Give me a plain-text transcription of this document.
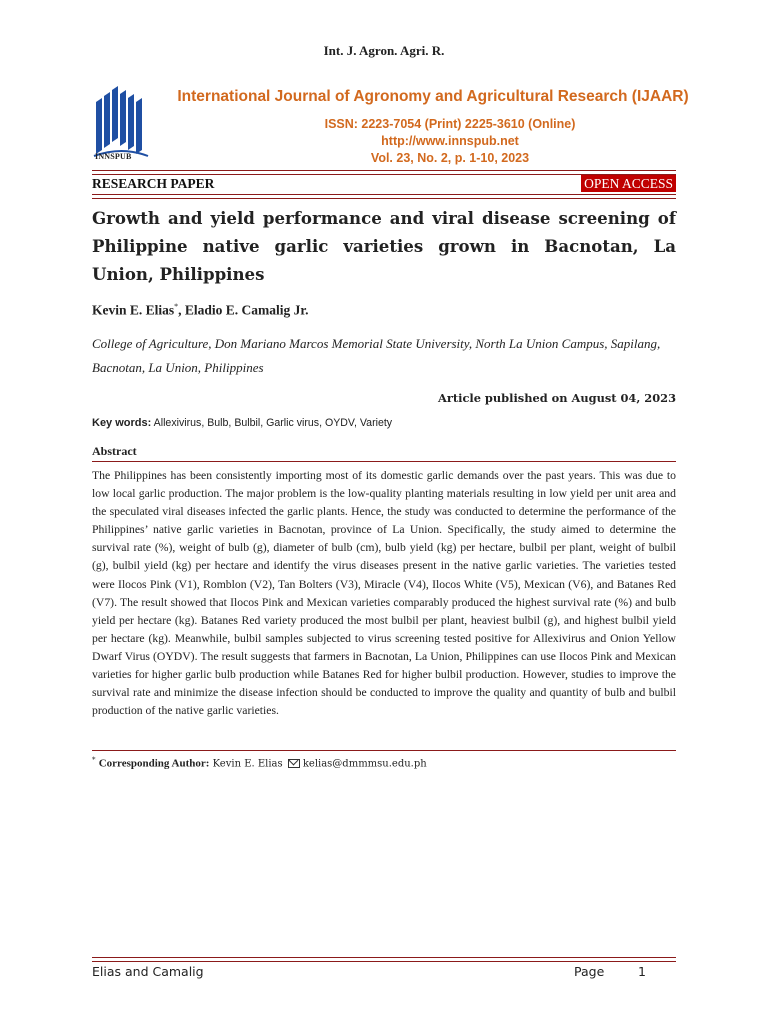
Int. J. Agron. Agri. R.
INNSPUB
International Journal of Agronomy and Agricultural Research (IJAAR)
ISSN: 2223-7054 (Print) 2225-3610 (Online)
http://www.innspub.net
Vol. 23, No. 2, p. 1-10, 2023
RESEARCH PAPER	OPEN ACCESS
Growth and yield performance and viral disease screening of Philippine native garlic varieties grown in Bacnotan, La Union, Philippines
Kevin E. Elias*, Eladio E. Camalig Jr.
College of Agriculture, Don Mariano Marcos Memorial State University, North La Union Campus, Sapilang, Bacnotan, La Union, Philippines
Article published on August 04, 2023
Key words: Allexivirus, Bulb, Bulbil, Garlic virus, OYDV, Variety
Abstract

The Philippines has been consistently importing most of its domestic garlic demands over the past years. This was due to low local garlic production. The major problem is the low-quality planting materials resulting in low yield per unit area and the speculated viral diseases infected the garlic plants. Hence, the study was conducted to determine the performance of the Philippines’ native garlic varieties in Bacnotan, province of La Union. Specifically, the study aimed to determine the survival rate (%), weight of bulb (g), diameter of bulb (cm), bulb yield (kg) per hectare, bulbil per plant, weight of bulbil (g), bulbil yield (kg) per hectare and identify the virus diseases present in the native garlic varieties. The varieties tested were Ilocos Pink (V1), Romblon (V2), Tan Bolters (V3), Miracle (V4), Ilocos White (V5), Mexican (V6), and Batanes Red (V7). The result showed that Ilocos Pink and Mexican varieties comparably produced the highest survival rate (%) and bulb yield per hectare (kg). Batanes Red variety produced the most bulbil per plant, heaviest bulbil (g), and highest bulbil yield per hectare (kg). Meanwhile, bulbil samples subjected to virus screening tested positive for Allexivirus and Onion Yellow Dwarf Virus (OYDV). The result suggests that farmers in Bacnotan, La Union, Philippines can use Ilocos Pink and Mexican varieties for higher garlic bulb production while Batanes Red for higher bulbil production. However, studies to improve the survival rate and minimize the disease infection should be conducted to improve the quality and quantity of bulb and bulbil production of the native garlic varieties.

* Corresponding Author: Kevin E. Elias kelias@dmmmsu.edu.ph
Elias and Camalig	Page	1
